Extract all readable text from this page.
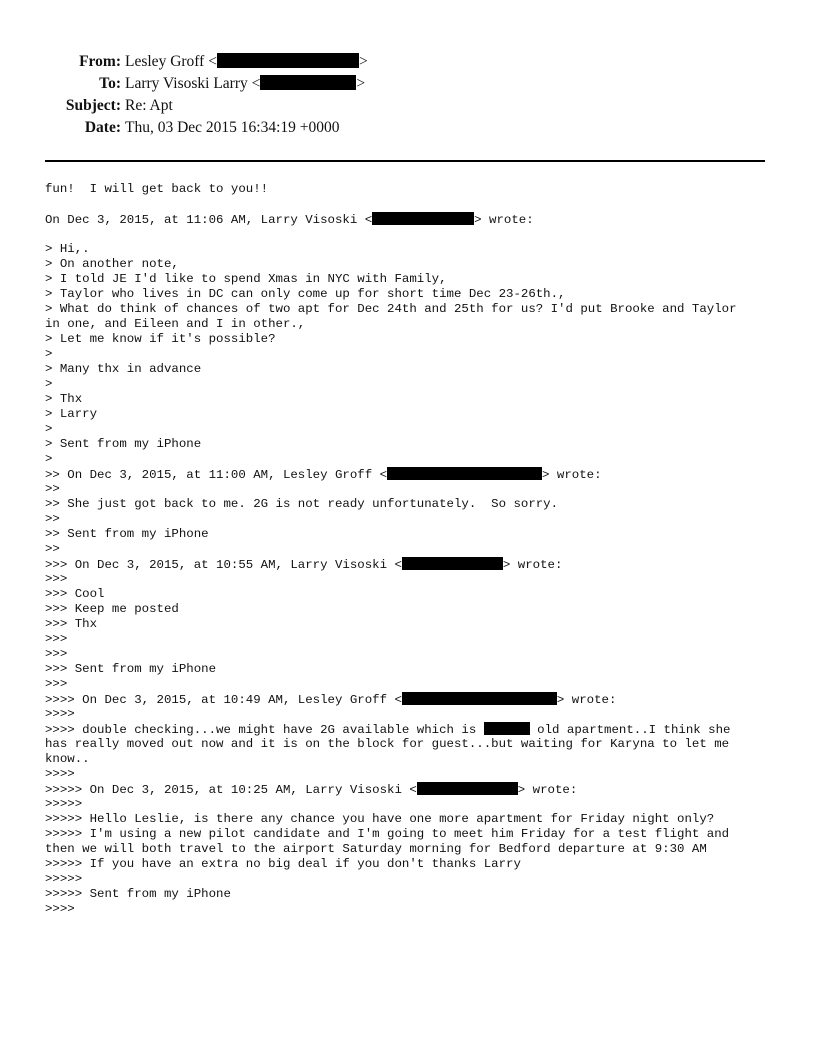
From: Lesley Groff <	>
To: Larry Visoski Larry <	>
Subject: Re: Apt
Date: Thu, 03 Dec 2015 16:34:19 +0000
fun!  I will get back to you!!
On Dec 3, 2015, at 11:06 AM, Larry Visoski <	> wrote:
> Hi,.
> On another note,
> I told JE I'd like to spend Xmas in NYC with Family,
> Taylor who lives in DC can only come up for short time Dec 23-26th.,
> What do think of chances of two apt for Dec 24th and 25th for us? I'd put Brooke and Taylor
in one, and Eileen and I in other.,
> Let me know if it's possible?
>
> Many thx in advance
>
> Thx
> Larry
>
> Sent from my iPhone
>
>> On Dec 3, 2015, at 11:00 AM, Lesley Groff <	> wrote:
>>
>> She just got back to me. 2G is not ready unfortunately.  So sorry.
>>
>> Sent from my iPhone
>>
>>> On Dec 3, 2015, at 10:55 AM, Larry Visoski <	> wrote:
>>>
>>> Cool
>>> Keep me posted
>>> Thx
>>>
>>>
>>> Sent from my iPhone
>>>
>>>> On Dec 3, 2015, at 10:49 AM, Lesley Groff <	> wrote:
>>>>
>>>> double checking...we might have 2G available which is	old apartment..I think she
has really moved out now and it is on the block for guest...but waiting for Karyna to let me
know..
>>>>
>>>>> On Dec 3, 2015, at 10:25 AM, Larry Visoski <	> wrote:
>>>>>
>>>>> Hello Leslie, is there any chance you have one more apartment for Friday night only?
>>>>> I'm using a new pilot candidate and I'm going to meet him Friday for a test flight and
then we will both travel to the airport Saturday morning for Bedford departure at 9:30 AM
>>>>> If you have an extra no big deal if you don't thanks Larry
>>>>>
>>>>> Sent from my iPhone
>>>>
